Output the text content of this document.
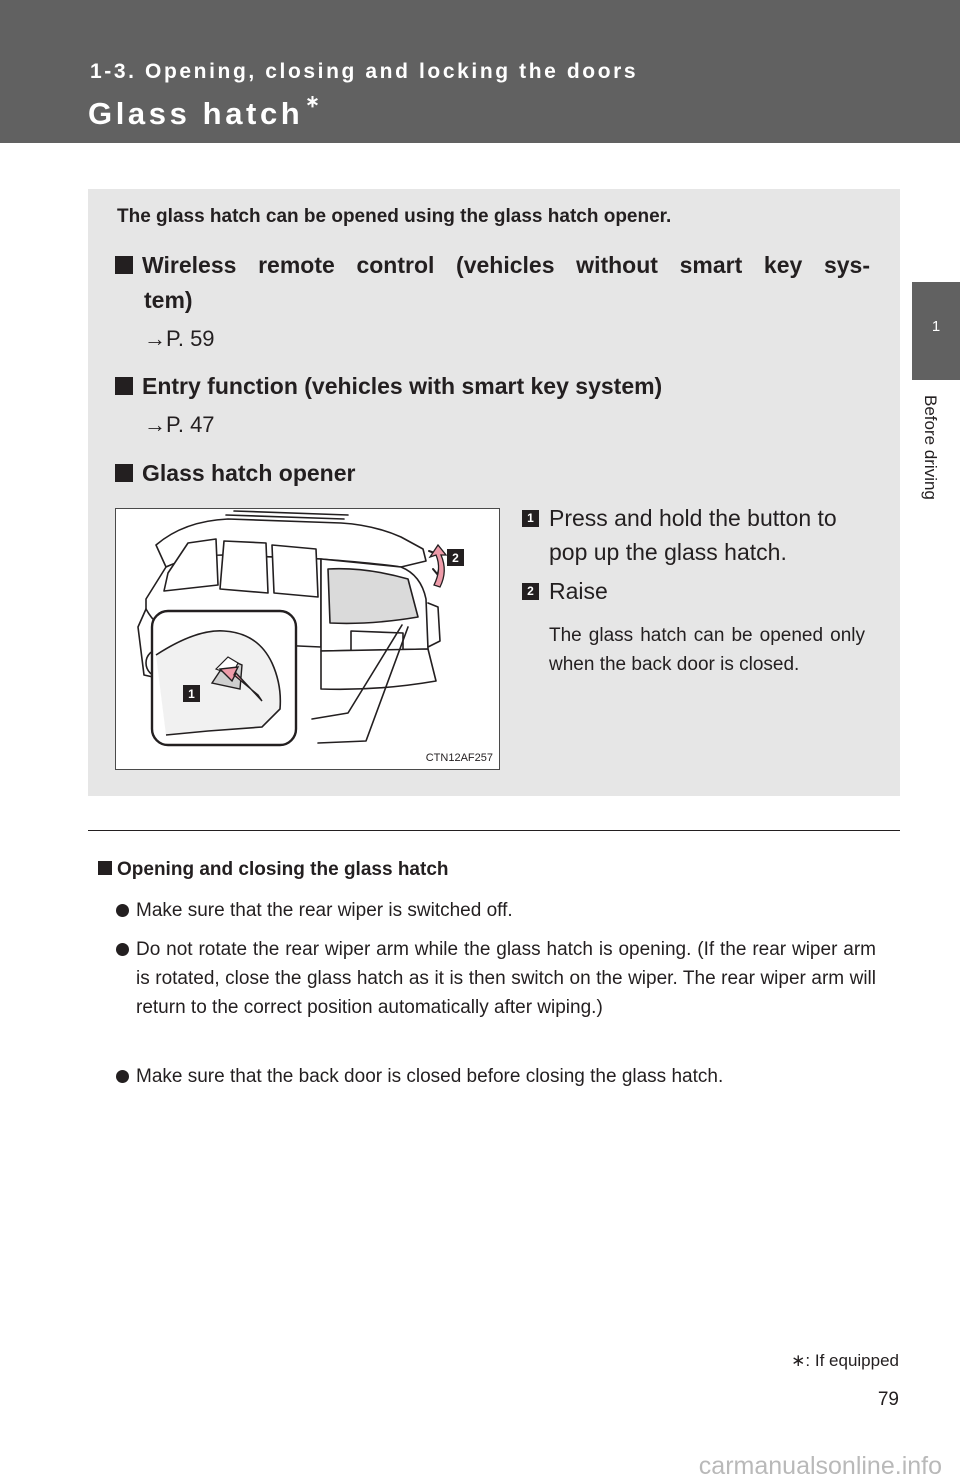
1-3. Opening, closing and locking the doors
Glass hatch ∗
1
Before driving
The glass hatch can be opened using the glass hatch opener.
Wireless remote control (vehicles without smart key sys-
tem)
→P. 59
Entry function (vehicles with smart key system)
→P. 47
Glass hatch opener
2
1
CTN12AF257
1 Press and hold the button to
pop up the glass hatch.
2 Raise
The glass hatch can be opened only when the back door is closed.
Opening and closing the glass hatch
Make sure that the rear wiper is switched off.
Do not rotate the rear wiper arm while the glass hatch is opening. (If the rear wiper arm is rotated, close the glass hatch as it is then switch on the wiper. The rear wiper arm will return to the correct position automatically after wiping.)
Make sure that the back door is closed before closing the glass hatch.
∗: If equipped
79
carmanualsonline.info
